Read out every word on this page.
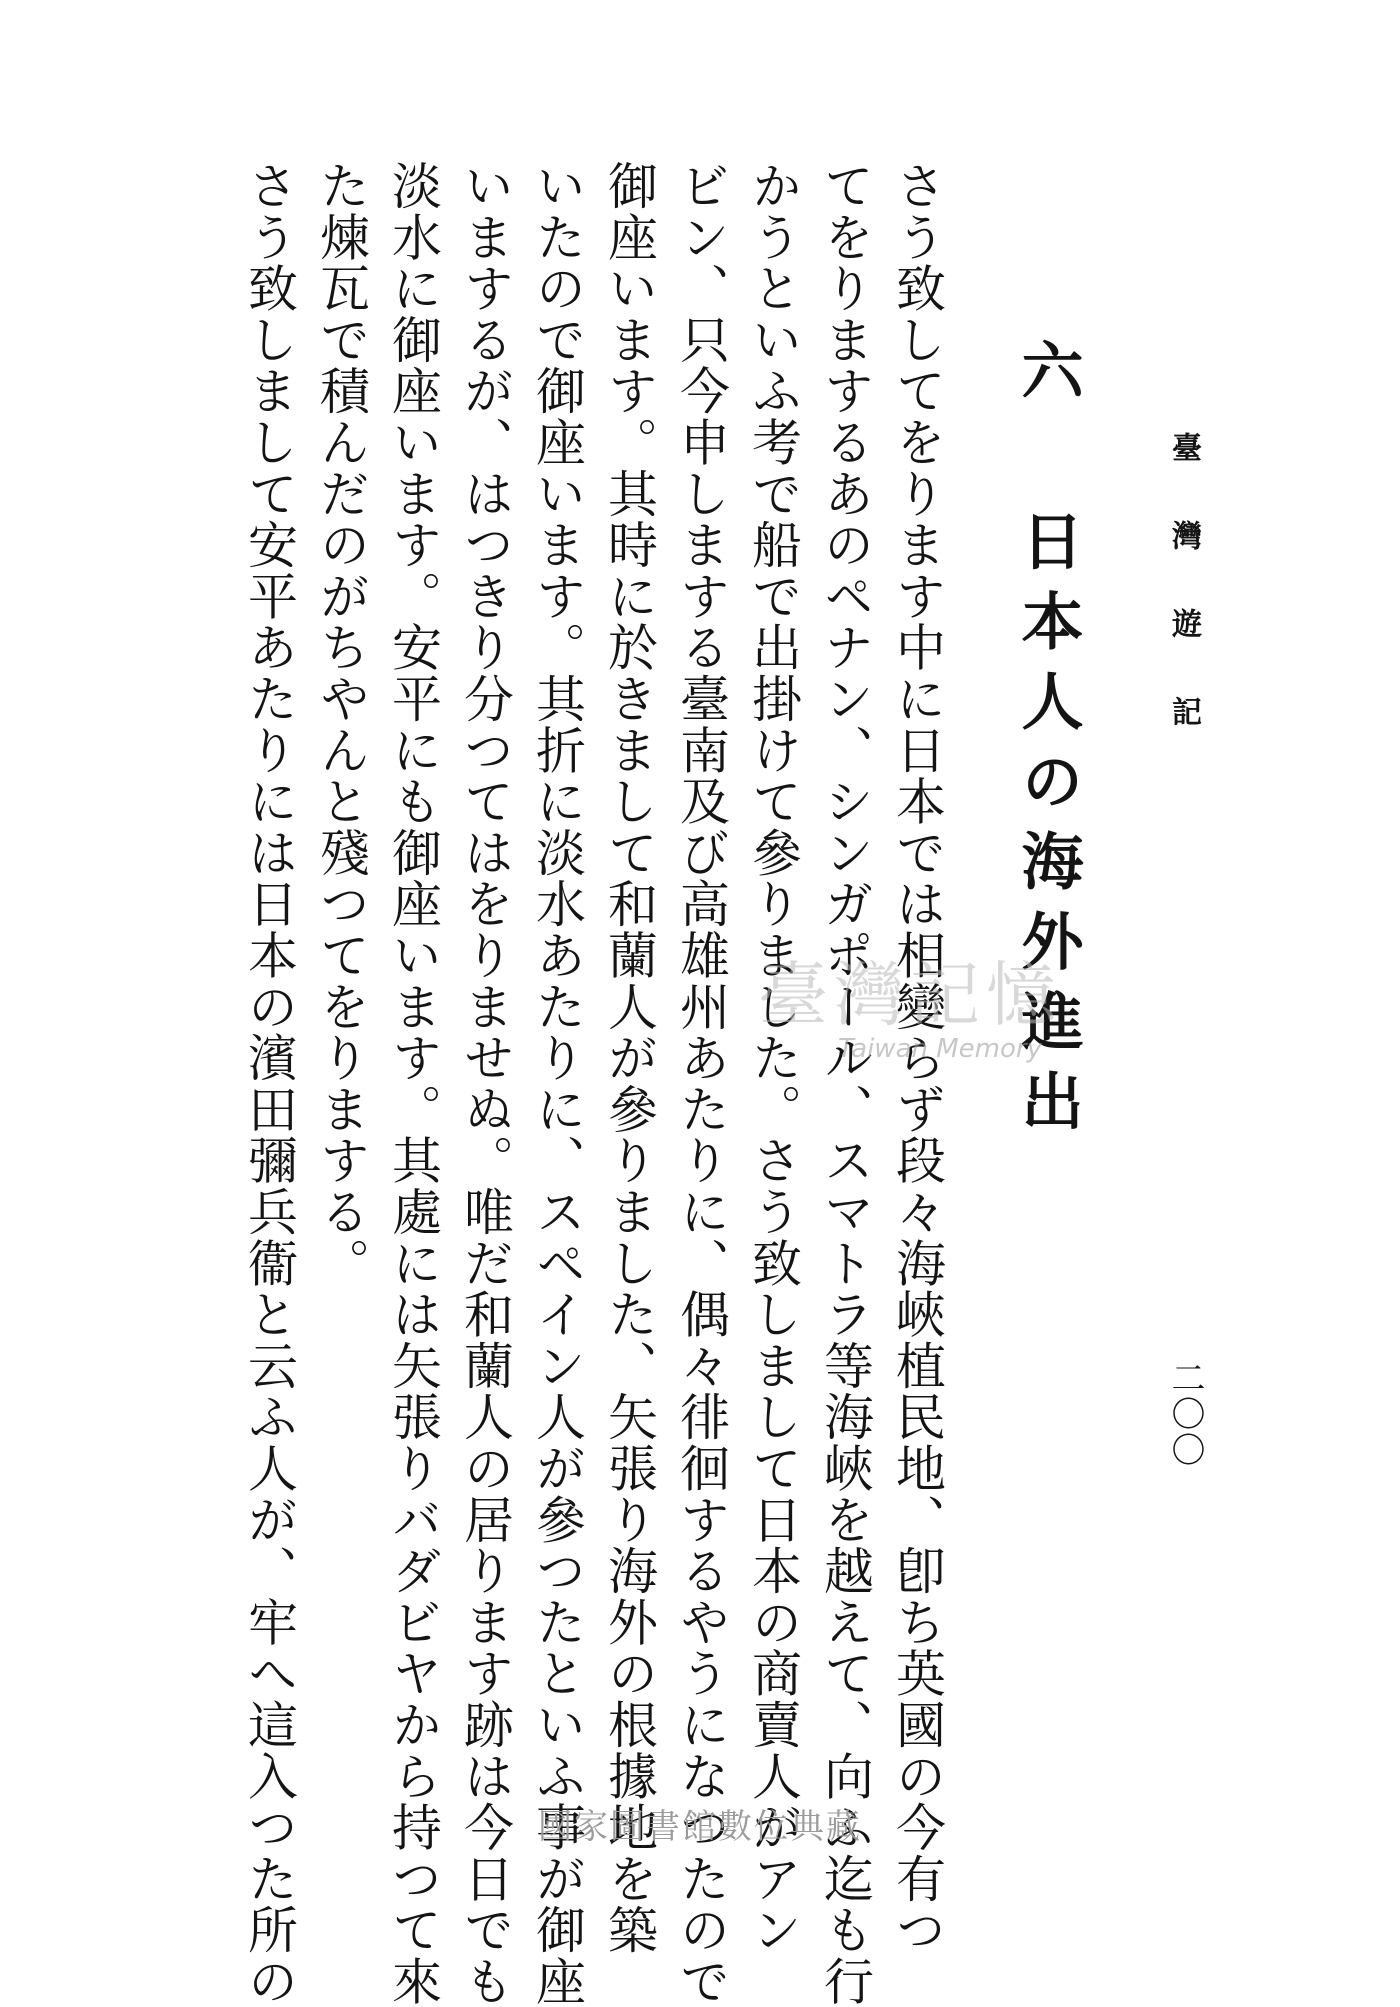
臺灣遊記
二〇〇
六 日本人の海外進出
さう致してをります中に日本では相變らず段々海峽植民地、卽ち英國の今有つ
てをりまするあのペナン、シンガポール、スマトラ等海峽を越えて、向ふ迄も行
かうといふ考で船で出掛けて參りました。さう致しまして日本の商賣人がアン
ビン、只今申しまする臺南及び高雄州あたりに、偶々徘徊するやうになつたので
御座います。其時に於きまして和蘭人が參りました、矢張り海外の根據地を築
いたので御座います。其折に淡水あたりに、スペイン人が參つたといふ事が御座
いまするが、はつきり分つてはをりませぬ。唯だ和蘭人の居ります跡は今日でも
淡水に御座います。安平にも御座います。其處には矢張りバダビヤから持つて來
た煉瓦で積んだのがちやんと殘つてをりまする。
さう致しまして安平あたりには日本の濱田彌兵衞と云ふ人が、牢へ這入つた所の	臺灣記憶
Taiwan Memory
國家圖書館數位典藏
